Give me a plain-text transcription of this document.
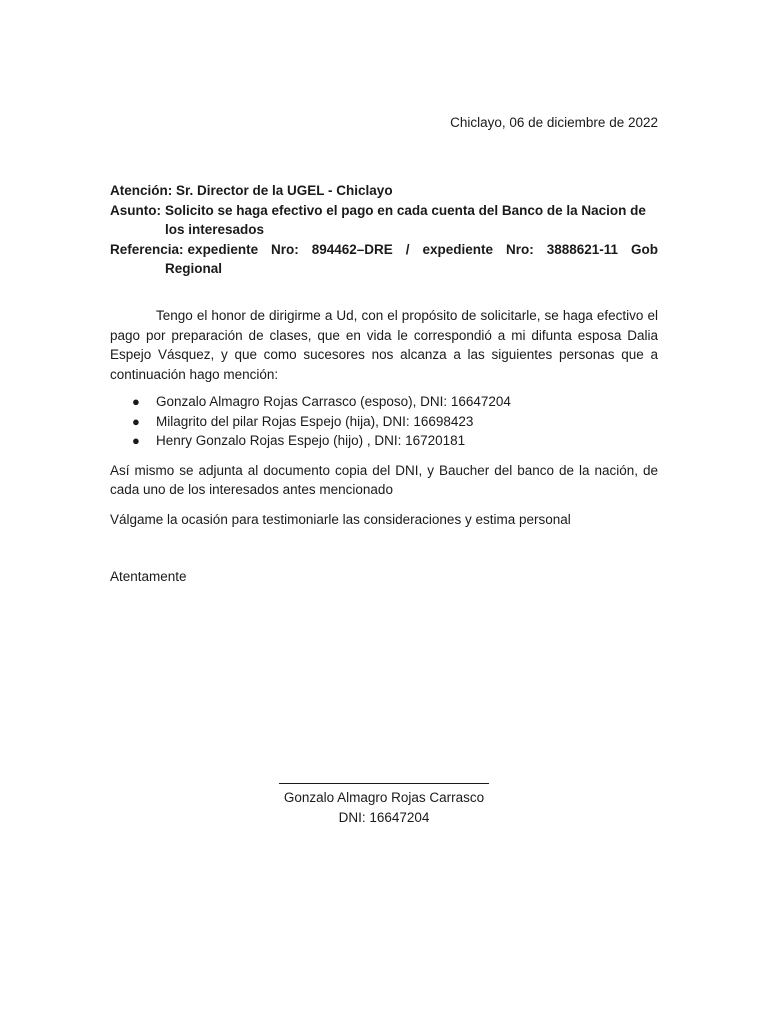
Chiclayo, 06 de diciembre de 2022
Atención: Sr. Director de la UGEL - Chiclayo
Asunto: Solicito se haga efectivo el pago en cada cuenta del Banco de la Nacion de
los interesados
Referencia: expediente Nro: 894462–DRE / expediente Nro: 3888621-11 Gob
Regional

Tengo el honor de dirigirme a Ud, con el propósito de solicitarle, se haga efectivo el pago por preparación de clases, que en vida le correspondió a mi difunta esposa Dalia Espejo Vásquez, y que como sucesores nos alcanza a las siguientes personas que a continuación hago mención:

● Gonzalo Almagro Rojas Carrasco (esposo), DNI: 16647204
● Milagrito del pilar Rojas Espejo (hija), DNI: 16698423
● Henry Gonzalo Rojas Espejo (hijo) , DNI: 16720181

Así mismo se adjunta al documento copia del DNI, y Baucher del banco de la nación, de cada uno de los interesados antes mencionado

Válgame la ocasión para testimoniarle las consideraciones y estima personal

Atentamente

Gonzalo Almagro Rojas Carrasco
DNI: 16647204
